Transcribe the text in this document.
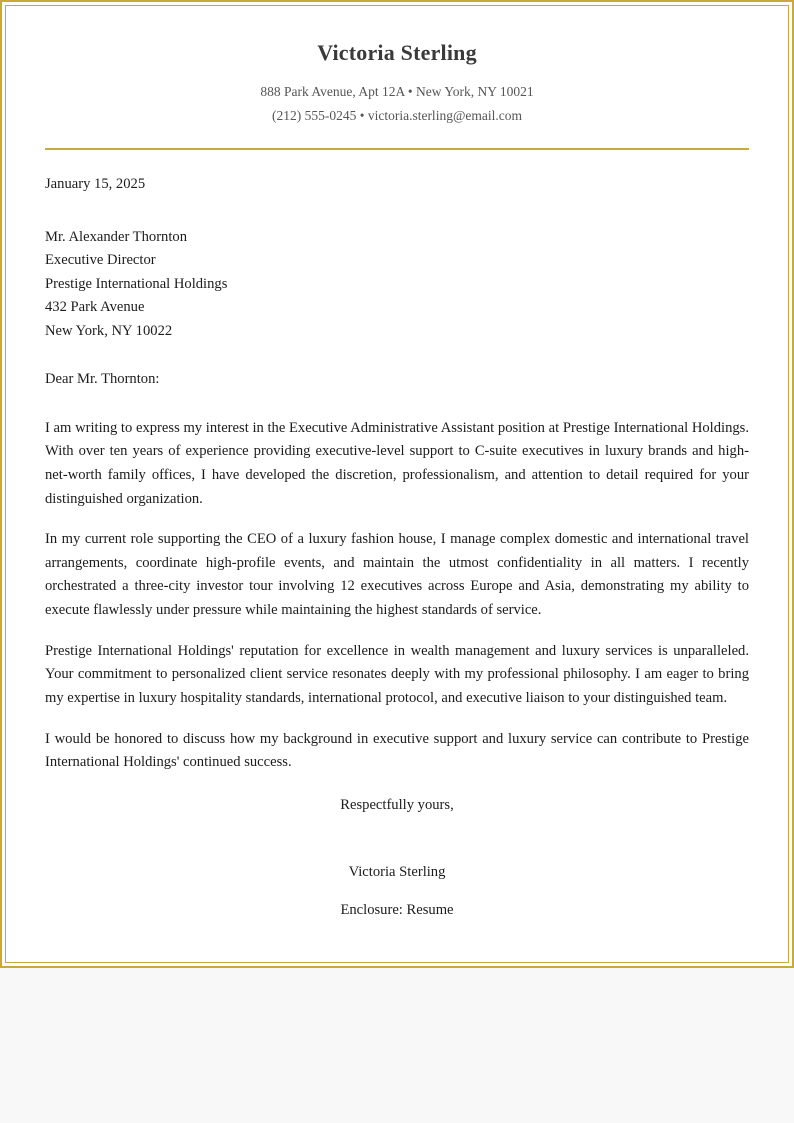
Victoria Sterling

888 Park Avenue, Apt 12A • New York, NY 10021

(212) 555-0245 • victoria.sterling@email.com

January 15, 2025
Mr. Alexander Thornton
Executive Director
Prestige International Holdings
432 Park Avenue
New York, NY 10022
Dear Mr. Thornton:

I am writing to express my interest in the Executive Administrative Assistant position at Prestige International Holdings. With over ten years of experience providing executive-level support to C-suite executives in luxury brands and high-net-worth family offices, I have developed the discretion, professionalism, and attention to detail required for your distinguished organization.

In my current role supporting the CEO of a luxury fashion house, I manage complex domestic and international travel arrangements, coordinate high-profile events, and maintain the utmost confidentiality in all matters. I recently orchestrated a three-city investor tour involving 12 executives across Europe and Asia, demonstrating my ability to execute flawlessly under pressure while maintaining the highest standards of service.

Prestige International Holdings' reputation for excellence in wealth management and luxury services is unparalleled. Your commitment to personalized client service resonates deeply with my professional philosophy. I am eager to bring my expertise in luxury hospitality standards, international protocol, and executive liaison to your distinguished team.

I would be honored to discuss how my background in executive support and luxury service can contribute to Prestige International Holdings' continued success.

Respectfully yours,
Victoria Sterling
Enclosure: Resume
